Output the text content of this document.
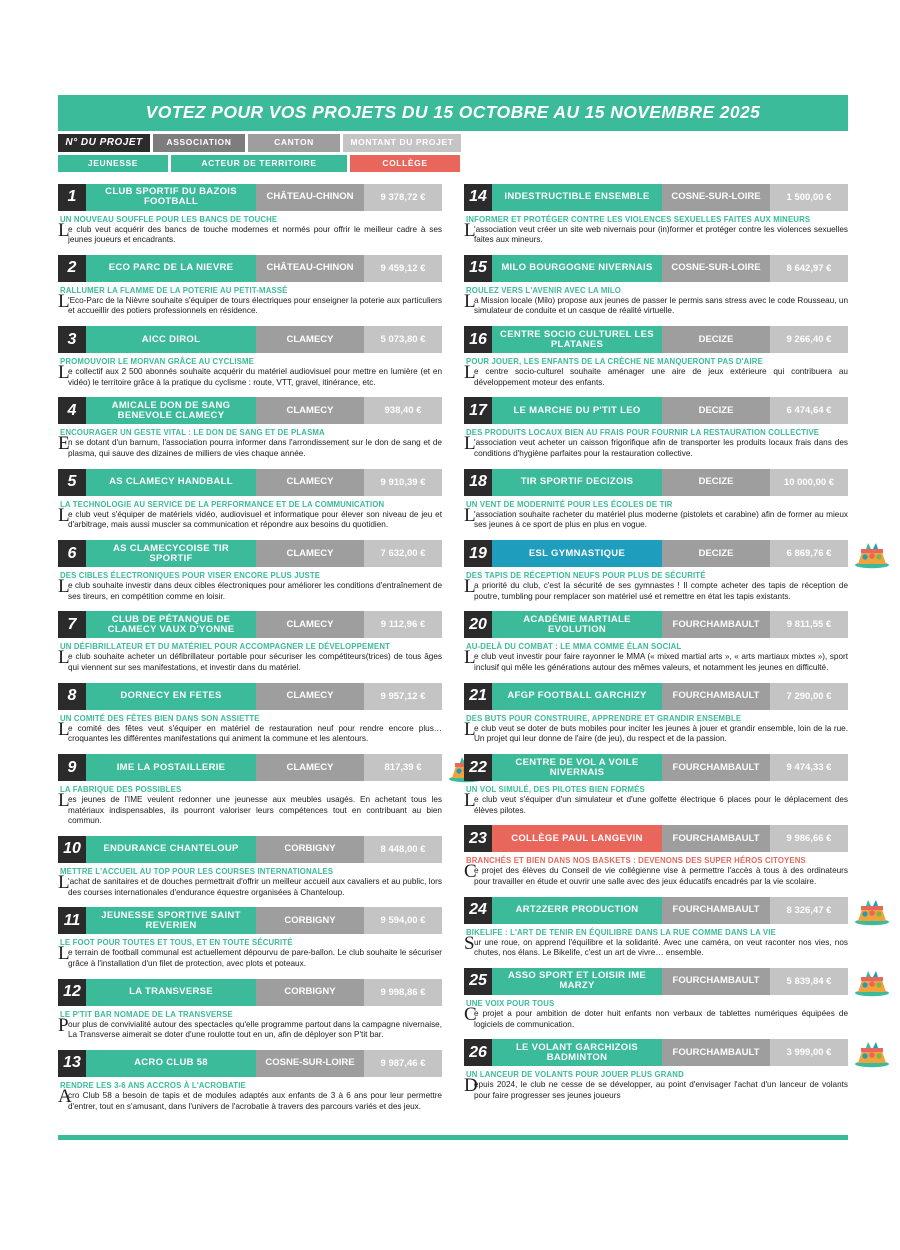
VOTEZ POUR VOS PROJETS DU 15 OCTOBRE AU 15 NOVEMBRE 2025
N° DU PROJET	ASSOCIATION	CANTON	MONTANT DU PROJET
JEUNESSE	ACTEUR DE TERRITOIRE	COLLÈGE
1	CLUB SPORTIF DU BAZOIS FOOTBALL	CHÂTEAU-CHINON	9 378,72 €
UN NOUVEAU SOUFFLE POUR LES BANCS DE TOUCHE
L
e club veut acquérir des bancs de touche modernes et normés pour offrir le meilleur cadre à ses jeunes joueurs et encadrants.
2	ECO PARC DE LA NIEVRE	CHÂTEAU-CHINON	9 459,12 €
RALLUMER LA FLAMME DE LA POTERIE AU PETIT-MASSÉ
L
'Eco-Parc de la Nièvre souhaite s'équiper de tours électriques pour enseigner la poterie aux particuliers et accueillir des potiers professionnels en résidence.
3	AICC DIROL	CLAMECY	5 073,80 €
PROMOUVOIR LE MORVAN GRÂCE AU CYCLISME
L
e collectif aux 2 500 abonnés souhaite acquérir du matériel audiovisuel pour mettre en lumière (et en vidéo) le territoire grâce à la pratique du cyclisme : route, VTT, gravel, itinérance, etc.
4	AMICALE DON DE SANG BENEVOLE CLAMECY	CLAMECY	938,40 €
ENCOURAGER UN GESTE VITAL : LE DON DE SANG ET DE PLASMA
E
n se dotant d'un barnum, l'association pourra informer dans l'arrondissement sur le don de sang et de plasma, qui sauve des dizaines de milliers de vies chaque année.
5	AS CLAMECY HANDBALL	CLAMECY	9 910,39 €
LA TECHNOLOGIE AU SERVICE DE LA PERFORMANCE ET DE LA COMMUNICATION
L
e club veut s'équiper de matériels vidéo, audiovisuel et informatique pour élever son niveau de jeu et d'arbitrage, mais aussi muscler sa communication et répondre aux besoins du quotidien.
6	AS CLAMECYCOISE TIR SPORTIF	CLAMECY	7 632,00 €
DES CIBLES ÉLECTRONIQUES POUR VISER ENCORE PLUS JUSTE
L
e club souhaite investir dans deux cibles électroniques pour améliorer les conditions d'entraînement de ses tireurs, en compétition comme en loisir.
7	CLUB DE PÉTANQUE DE CLAMECY VAUX D'YONNE	CLAMECY	9 112,96 €
UN DÉFIBRILLATEUR ET DU MATÉRIEL POUR ACCOMPAGNER LE DÉVELOPPEMENT
L
e club souhaite acheter un défibrillateur portable pour sécuriser les compétiteurs(trices) de tous âges qui viennent sur ses manifestations, et investir dans du matériel.
8	DORNECY EN FETES	CLAMECY	9 957,12 €
UN COMITÉ DES FÊTES BIEN DANS SON ASSIETTE
L
e comité des fêtes veut s'équiper en matériel de restauration neuf pour rendre encore plus… croquantes les différentes manifestations qui animent la commune et les alentours.
9	IME LA POSTAILLERIE	CLAMECY	817,39 €
LA FABRIQUE DES POSSIBLES
L
es jeunes de l'IME veulent redonner une jeunesse aux meubles usagés. En achetant tous les matériaux indispensables, ils pourront valoriser leurs compétences tout en contribuant au bien commun.
10	ENDURANCE CHANTELOUP	CORBIGNY	8 448,00 €
METTRE L'ACCUEIL AU TOP POUR LES COURSES INTERNATIONALES
L
'achat de sanitaires et de douches permettrait d'offrir un meilleur accueil aux cavaliers et au public, lors des courses internationales d'endurance équestre organisées à Chanteloup.
11	JEUNESSE SPORTIVE SAINT REVERIEN	CORBIGNY	9 594,00 €
LE FOOT POUR TOUTES ET TOUS, ET EN TOUTE SÉCURITÉ
L
e terrain de football communal est actuellement dépourvu de pare-ballon. Le club souhaite le sécuriser grâce à l'installation d'un filet de protection, avec plots et poteaux.
12	LA TRANSVERSE	CORBIGNY	9 998,86 €
LE P'TIT BAR NOMADE DE LA TRANSVERSE
P our plus de convivialité autour des spectacles qu'elle programme partout dans la campagne nivernaise, La Transverse aimerait se doter d'une roulotte tout en un, afin de déployer son P'tit bar.
13	ACRO CLUB 58	COSNE-SUR-LOIRE	9 987,46 €
RENDRE LES 3-6 ANS ACCROS À L'ACROBATIE
A
cro Club 58 a besoin de tapis et de modules adaptés aux enfants de 3 à 6 ans pour leur permettre d'entrer, tout en s'amusant, dans l'univers de l'acrobatie à travers des parcours variés et des jeux.
14	INDESTRUCTIBLE ENSEMBLE	COSNE-SUR-LOIRE	1 500,00 €
INFORMER ET PROTÉGER CONTRE LES VIOLENCES SEXUELLES FAITES AUX MINEURS
L
'association veut créer un site web nivernais pour (in)former et protéger contre les violences sexuelles faites aux mineurs.
15	MILO BOURGOGNE NIVERNAIS	COSNE-SUR-LOIRE	8 642,97 €
ROULEZ VERS L'AVENIR AVEC LA MILO
L
a Mission locale (Milo) propose aux jeunes de passer le permis sans stress avec le code Rousseau, un simulateur de conduite et un casque de réalité virtuelle.
16	CENTRE SOCIO CULTUREL LES PLATANES	DECIZE	9 266,40 €
POUR JOUER, LES ENFANTS DE LA CRÈCHE NE MANQUERONT PAS D'AIRE
L
e centre socio-culturel souhaite aménager une aire de jeux extérieure qui contribuera au développement moteur des enfants.
17	LE MARCHE DU P'TIT LEO	DECIZE	6 474,64 €
DES PRODUITS LOCAUX BIEN AU FRAIS POUR FOURNIR LA RESTAURATION COLLECTIVE
L
'association veut acheter un caisson frigorifique afin de transporter les produits locaux frais dans des conditions d'hygiène parfaites pour la restauration collective.
18	TIR SPORTIF DECIZOIS	DECIZE	10 000,00 €
UN VENT DE MODERNITÉ POUR LES ÉCOLES DE TIR
L
'association souhaite racheter du matériel plus moderne (pistolets et carabine) afin de former au mieux ses jeunes à ce sport de plus en plus en vogue.
19	ESL GYMNASTIQUE	DECIZE	6 869,76 €
DES TAPIS DE RÉCEPTION NEUFS POUR PLUS DE SÉCURITÉ
L
a priorité du club, c'est la sécurité de ses gymnastes ! Il compte acheter des tapis de réception de poutre, tumbling pour remplacer son matériel usé et remettre en état les tapis existants.
20	ACADÉMIE MARTIALE EVOLUTION	FOURCHAMBAULT	9 811,55 €
AU-DELÀ DU COMBAT : LE MMA COMME ÉLAN SOCIAL
L
e club veut investir pour faire rayonner le MMA (« mixed martial arts », « arts martiaux mixtes »), sport inclusif qui mêle les générations autour des mêmes valeurs, et notamment les jeunes en difficulté.
21	AFGP FOOTBALL GARCHIZY	FOURCHAMBAULT	7 290,00 €
DES BUTS POUR CONSTRUIRE, APPRENDRE ET GRANDIR ENSEMBLE
L
e club veut se doter de buts mobiles pour inciter les jeunes à jouer et grandir ensemble, loin de la rue. Un projet qui leur donne de l'aire (de jeu), du respect et de la passion.
22	CENTRE DE VOL A VOILE NIVERNAIS	FOURCHAMBAULT	9 474,33 €
UN VOL SIMULÉ, DES PILOTES BIEN FORMÉS
L
e club veut s'équiper d'un simulateur et d'une golfette électrique 6 places pour le déplacement des élèves pilotes.
23	COLLÈGE PAUL LANGEVIN	FOURCHAMBAULT	9 986,66 €
BRANCHÉS ET BIEN DANS NOS BASKETS : DEVENONS DES SUPER HÉROS CITOYENS
C
e projet des élèves du Conseil de vie collégienne vise à permettre l'accès à tous à des ordinateurs pour travailler en étude et ouvrir une salle avec des jeux éducatifs encadrés par la vie scolaire.
24	ART2ZERR PRODUCTION	FOURCHAMBAULT	8 326,47 €
BIKELIFE : L'ART DE TENIR EN ÉQUILIBRE DANS LA RUE COMME DANS LA VIE
S ur une roue, on apprend l'équilibre et la solidarité. Avec une caméra, on veut raconter nos vies, nos chutes, nos élans. Le Bikelife, c'est un art de vivre… ensemble.
25	ASSO SPORT ET LOISIR IME MARZY	FOURCHAMBAULT	5 839,84 €
UNE VOIX POUR TOUS
C
e projet a pour ambition de doter huit enfants non verbaux de tablettes numériques équipées de logiciels de communication.
26	LE VOLANT GARCHIZOIS BADMINTON	FOURCHAMBAULT	3 999,00 €
UN LANCEUR DE VOLANTS POUR JOUER PLUS GRAND
D
epuis 2024, le club ne cesse de se développer, au point d'envisager l'achat d'un lanceur de volants pour faire progresser ses jeunes joueurs
